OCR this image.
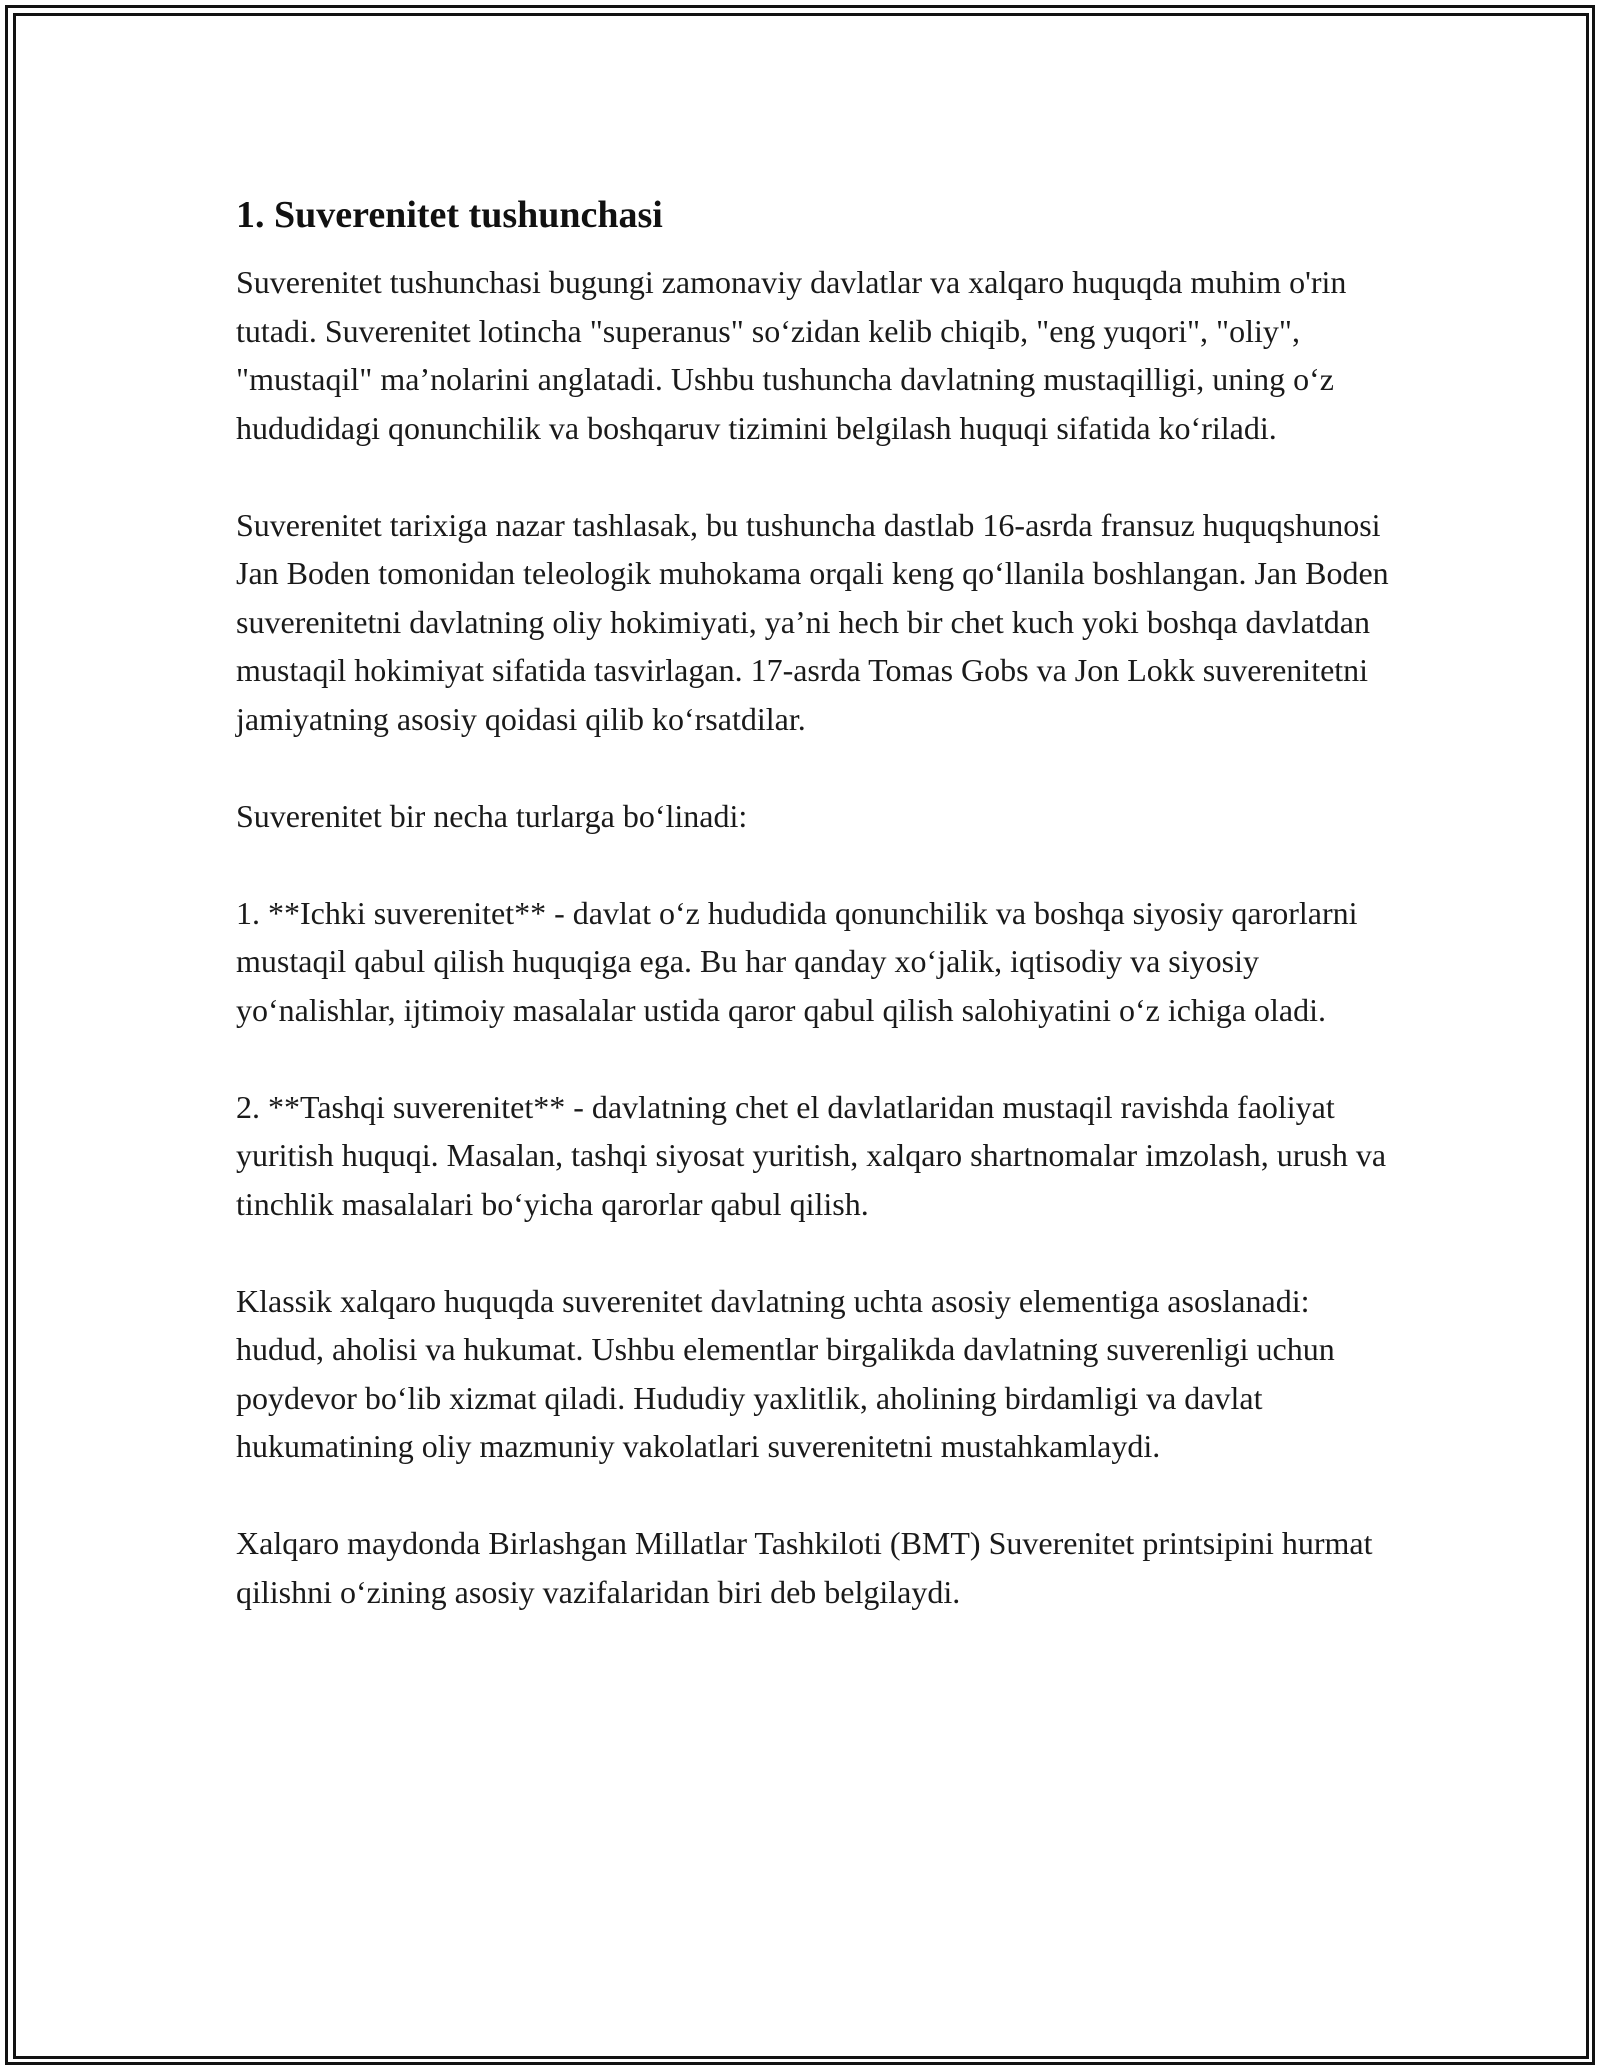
1. Suverenitet tushunchasi

Suverenitet tushunchasi bugungi zamonaviy davlatlar va xalqaro huquqda muhim o'rin tutadi. Suverenitet lotincha "superanus" so‘zidan kelib chiqib, "eng yuqori", "oliy", "mustaqil" ma’nolarini anglatadi. Ushbu tushuncha davlatning mustaqilligi, uning o‘z hududidagi qonunchilik va boshqaruv tizimini belgilash huquqi sifatida ko‘riladi.

Suverenitet tarixiga nazar tashlasak, bu tushuncha dastlab 16-asrda fransuz huquqshunosi Jan Boden tomonidan teleologik muhokama orqali keng qo‘llanila boshlangan. Jan Boden suverenitetni davlatning oliy hokimiyati, ya’ni hech bir chet kuch yoki boshqa davlatdan mustaqil hokimiyat sifatida tasvirlagan. 17-asrda Tomas Gobs va Jon Lokk suverenitetni jamiyatning asosiy qoidasi qilib ko‘rsatdilar.

Suverenitet bir necha turlarga bo‘linadi:

1. **Ichki suverenitet** - davlat o‘z hududida qonunchilik va boshqa siyosiy qarorlarni mustaqil qabul qilish huquqiga ega. Bu har qanday xo‘jalik, iqtisodiy va siyosiy yo‘nalishlar, ijtimoiy masalalar ustida qaror qabul qilish salohiyatini o‘z ichiga oladi.

2. **Tashqi suverenitet** - davlatning chet el davlatlaridan mustaqil ravishda faoliyat yuritish huquqi. Masalan, tashqi siyosat yuritish, xalqaro shartnomalar imzolash, urush va tinchlik masalalari bo‘yicha qarorlar qabul qilish.

Klassik xalqaro huquqda suverenitet davlatning uchta asosiy elementiga asoslanadi: hudud, aholisi va hukumat. Ushbu elementlar birgalikda davlatning suverenligi uchun poydevor bo‘lib xizmat qiladi. Hududiy yaxlitlik, aholining birdamligi va davlat hukumatining oliy mazmuniy vakolatlari suverenitetni mustahkamlaydi.

Xalqaro maydonda Birlashgan Millatlar Tashkiloti (BMT) Suverenitet printsipini hurmat qilishni o‘zining asosiy vazifalaridan biri deb belgilaydi.
